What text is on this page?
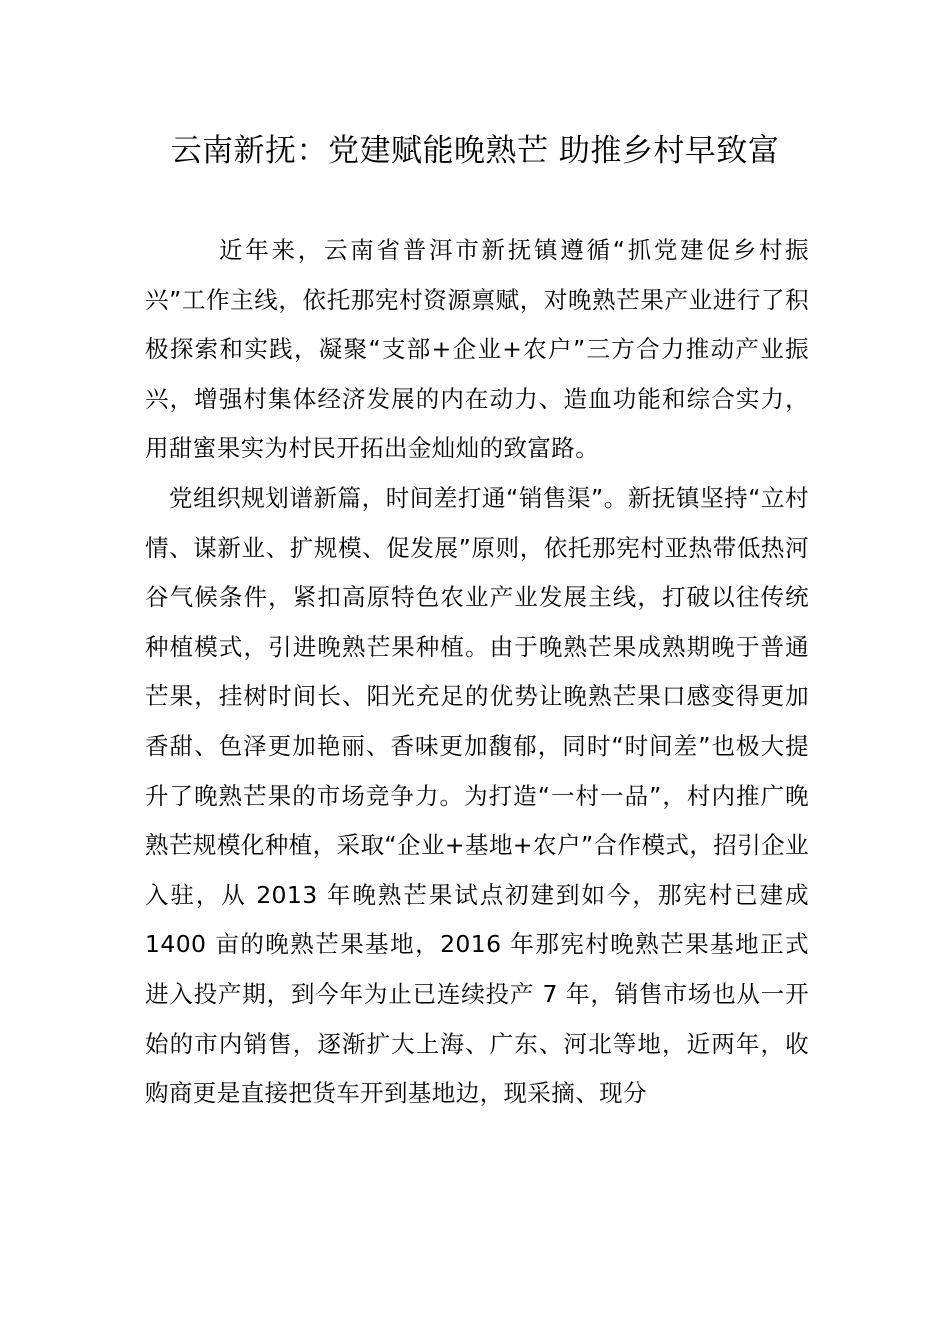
云南新抚：党建赋能晚熟芒 助推乡村早致富

近年来，云南省普洱市新抚镇遵循“抓党建促乡村振兴”工作主线，依托那宪村资源禀赋，对晚熟芒果产业进行了积极探索和实践，凝聚“支部+企业+农户”三方合力推动产业振兴，增强村集体经济发展的内在动力、造血功能和综合实力，用甜蜜果实为村民开拓出金灿灿的致富路。

党组织规划谱新篇，时间差打通“销售渠”。新抚镇坚持“立村情、谋新业、扩规模、促发展”原则，依托那宪村亚热带低热河谷气候条件，紧扣高原特色农业产业发展主线，打破以往传统种植模式，引进晚熟芒果种植。由于晚熟芒果成熟期晚于普通芒果，挂树时间长、阳光充足的优势让晚熟芒果口感变得更加香甜、色泽更加艳丽、香味更加馥郁，同时“时间差”也极大提升了晚熟芒果的市场竞争力。为打造“一村一品”，村内推广晚熟芒规模化种植，采取“企业+基地+农户”合作模式，招引企业入驻，从 2013 年晚熟芒果试点初建到如今，那宪村已建成 1400 亩的晚熟芒果基地，2016 年那宪村晚熟芒果基地正式进入投产期，到今年为止已连续投产 7 年，销售市场也从一开始的市内销售，逐渐扩大上海、广东、河北等地，近两年，收购商更是直接把货车开到基地边，现采摘、现分
